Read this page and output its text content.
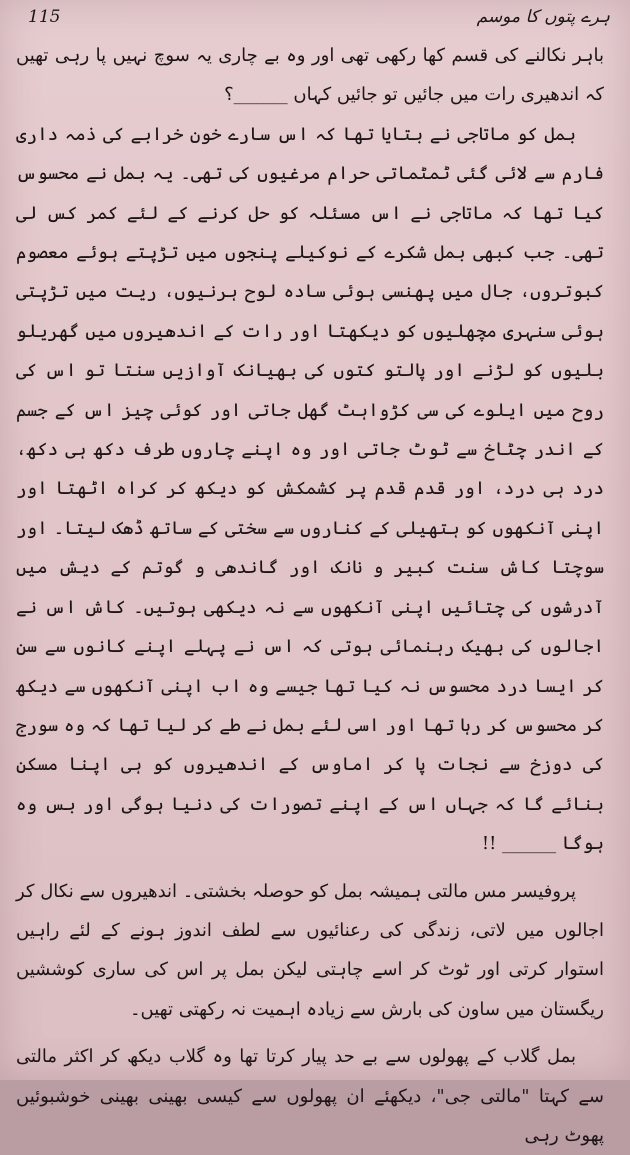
ہرے پتوں کا موسم
115

باہر نکالنے کی قسم کھا رکھی تھی اور وہ بے چاری یہ سوچ نہیں پا رہی تھیں کہ اندھیری رات میں جائیں تو جائیں کہاں ______؟

بمل کو ماتاجی نے بتایا تھا کہ اس سارے خون خرابے کی ذمہ داری فارم سے لائی گئی ٹمٹماتی حرام مرغیوں کی تھی۔ یہ بمل نے محسوس کیا تھا کہ ماتاجی نے اس مسئلہ کو حل کرنے کے لئے کمر کس لی تھی۔ جب کبھی بمل شکرے کے نوکیلے پنجوں میں تڑپتے ہوئے معصوم کبوتروں، جال میں پھنسی ہوئی سادہ لوح ہرنیوں، ریت میں تڑپتی ہوئی سنہری مچھلیوں کو دیکھتا اور رات کے اندھیروں میں گھریلو بلیوں کو لڑنے اور پالتو کتوں کی بھیانک آوازیں سنتا تو اس کی روح میں ایلوے کی سی کڑواہٹ گھل جاتی اور کوئی چیز اس کے جسم کے اندر چٹاخ سے ٹوٹ جاتی اور وہ اپنے چاروں طرف دکھ ہی دکھ، درد ہی درد، اور قدم قدم پر کشمکش کو دیکھ کر کراہ اٹھتا اور اپنی آنکھوں کو ہتھیلی کے کناروں سے سختی کے ساتھ ڈھک لیتا۔ اور سوچتا کاش سنت کبیر و نانک اور گاندھی و گوتم کے دیش میں آدرشوں کی چتائیں اپنی آنکھوں سے نہ دیکھی ہوتیں۔ کاش اس نے اجالوں کی بھیک رہنمائی ہوتی کہ اس نے پہلے اپنے کانوں سے سن کر ایسا درد محسوس نہ کیا تھا جیسے وہ اب اپنی آنکھوں سے دیکھ کر محسوس کر رہا تھا اور اسی لئے بمل نے طے کر لیا تھا کہ وہ سورج کی دوزخ سے نجات پا کر اماوس کے اندھیروں کو ہی اپنا مسکن بنائے گا کہ جہاں اس کے اپنے تصورات کی دنیا ہوگی اور بس وہ ہوگا ______ !!

پروفیسر مس مالتی ہمیشہ بمل کو حوصلہ بخشتی۔ اندھیروں سے نکال کر اجالوں میں لاتی، زندگی کی رعنائیوں سے لطف اندوز ہونے کے لئے راہیں استوار کرتی اور ٹوٹ کر اسے چاہتی لیکن بمل پر اس کی ساری کوششیں ریگستان میں ساون کی بارش سے زیادہ اہمیت نہ رکھتی تھیں۔

بمل گلاب کے پھولوں سے بے حد پیار کرتا تھا وہ گلاب دیکھ کر اکثر مالتی سے کہتا "مالتی جی"، دیکھئے ان پھولوں سے کیسی بھینی بھینی خوشبوئیں پھوٹ رہی
